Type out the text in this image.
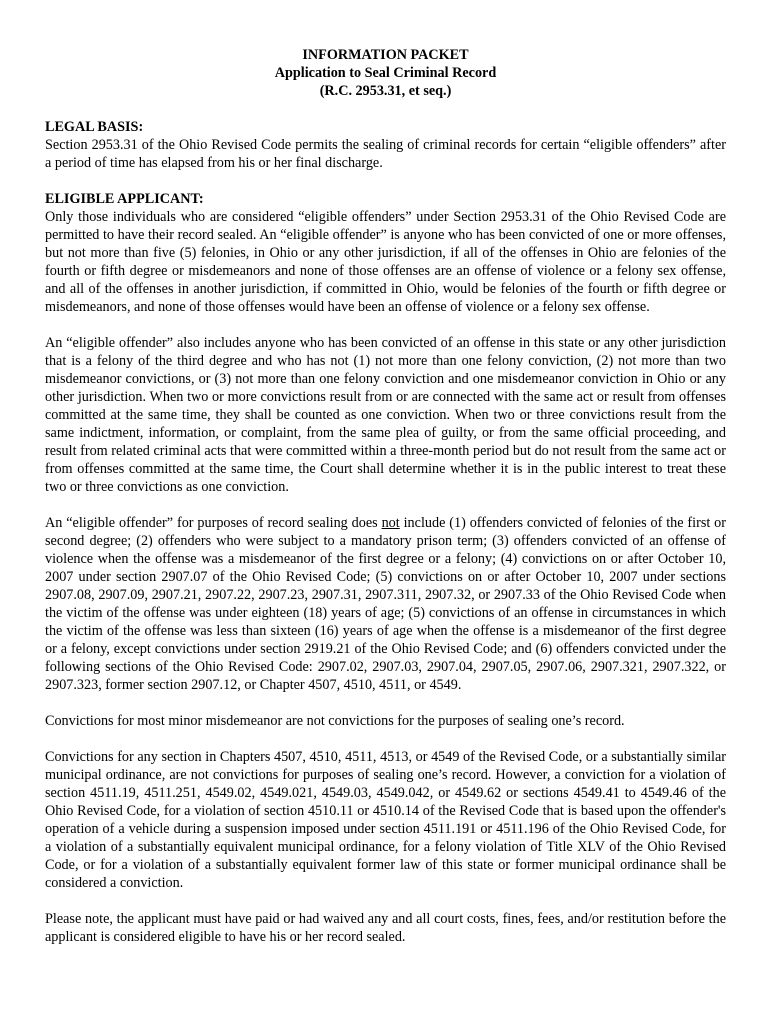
INFORMATION PACKET
Application to Seal Criminal Record
(R.C. 2953.31, et seq.)
LEGAL BASIS:

Section 2953.31 of the Ohio Revised Code permits the sealing of criminal records for certain “eligible offenders” after a period of time has elapsed from his or her final discharge.

ELIGIBLE APPLICANT:

Only those individuals who are considered “eligible offenders” under Section 2953.31 of the Ohio Revised Code are permitted to have their record sealed. An “eligible offender” is anyone who has been convicted of one or more offenses, but not more than five (5) felonies, in Ohio or any other jurisdiction, if all of the offenses in Ohio are felonies of the fourth or fifth degree or misdemeanors and none of those offenses are an offense of violence or a felony sex offense, and all of the offenses in another jurisdiction, if committed in Ohio, would be felonies of the fourth or fifth degree or misdemeanors, and none of those offenses would have been an offense of violence or a felony sex offense.

An “eligible offender” also includes anyone who has been convicted of an offense in this state or any other jurisdiction that is a felony of the third degree and who has not (1) not more than one felony conviction, (2) not more than two misdemeanor convictions, or (3) not more than one felony conviction and one misdemeanor conviction in Ohio or any other jurisdiction. When two or more convictions result from or are connected with the same act or result from offenses committed at the same time, they shall be counted as one conviction. When two or three convictions result from the same indictment, information, or complaint, from the same plea of guilty, or from the same official proceeding, and result from related criminal acts that were committed within a three-month period but do not result from the same act or from offenses committed at the same time, the Court shall determine whether it is in the public interest to treat these two or three convictions as one conviction.

An “eligible offender” for purposes of record sealing does not include (1) offenders convicted of felonies of the first or second degree; (2) offenders who were subject to a mandatory prison term; (3) offenders convicted of an offense of violence when the offense was a misdemeanor of the first degree or a felony; (4) convictions on or after October 10, 2007 under section 2907.07 of the Ohio Revised Code; (5) convictions on or after October 10, 2007 under sections 2907.08, 2907.09, 2907.21, 2907.22, 2907.23, 2907.31, 2907.311, 2907.32, or 2907.33 of the Ohio Revised Code when the victim of the offense was under eighteen (18) years of age; (5) convictions of an offense in circumstances in which the victim of the offense was less than sixteen (16) years of age when the offense is a misdemeanor of the first degree or a felony, except convictions under section 2919.21 of the Ohio Revised Code; and (6) offenders convicted under the following sections of the Ohio Revised Code: 2907.02, 2907.03, 2907.04, 2907.05, 2907.06, 2907.321, 2907.322, or 2907.323, former section 2907.12, or Chapter 4507, 4510, 4511, or 4549.

Convictions for most minor misdemeanor are not convictions for the purposes of sealing one’s record.

Convictions for any section in Chapters 4507, 4510, 4511, 4513, or 4549 of the Revised Code, or a substantially similar municipal ordinance, are not convictions for purposes of sealing one’s record. However, a conviction for a violation of section 4511.19, 4511.251, 4549.02, 4549.021, 4549.03, 4549.042, or 4549.62 or sections 4549.41 to 4549.46 of the Ohio Revised Code, for a violation of section 4510.11 or 4510.14 of the Revised Code that is based upon the offender's operation of a vehicle during a suspension imposed under section 4511.191 or 4511.196 of the Ohio Revised Code, for a violation of a substantially equivalent municipal ordinance, for a felony violation of Title XLV of the Ohio Revised Code, or for a violation of a substantially equivalent former law of this state or former municipal ordinance shall be considered a conviction.

Please note, the applicant must have paid or had waived any and all court costs, fines, fees, and/or restitution before the applicant is considered eligible to have his or her record sealed.
